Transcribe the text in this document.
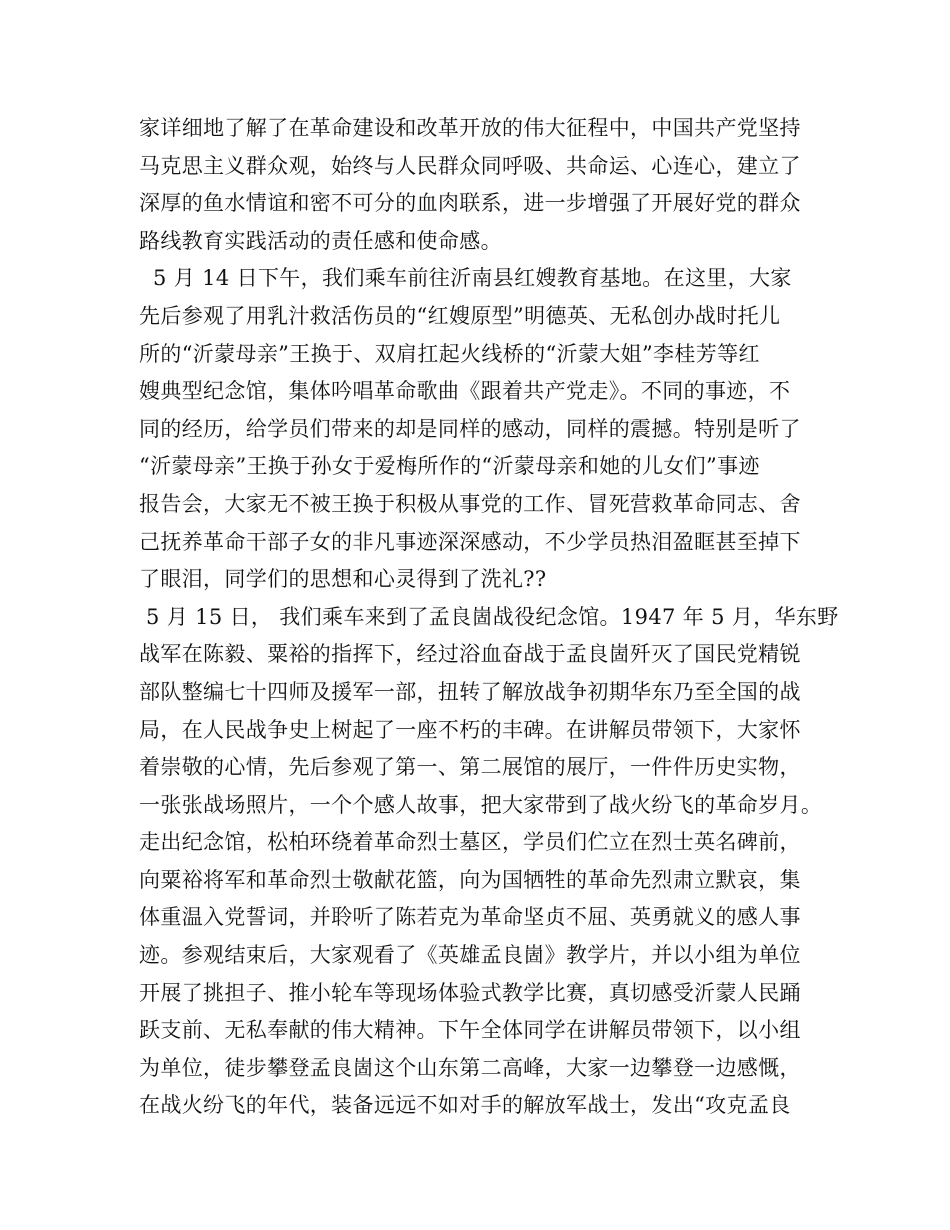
家详细地了解了在革命建设和改革开放的伟大征程中，中国共产党坚持
马克思主义群众观，始终与人民群众同呼吸、共命运、心连心，建立了
深厚的鱼水情谊和密不可分的血肉联系，进一步增强了开展好党的群众
路线教育实践活动的责任感和使命感。
5 月 14 日下午，我们乘车前往沂南县红嫂教育基地。在这里，大家
先后参观了用乳汁救活伤员的“红嫂原型”明德英、无私创办战时托儿
所的“沂蒙母亲”王换于、双肩扛起火线桥的“沂蒙大姐”李桂芳等红
嫂典型纪念馆，集体吟唱革命歌曲《跟着共产党走》。不同的事迹，不
同的经历，给学员们带来的却是同样的感动，同样的震撼。特别是听了
“沂蒙母亲”王换于孙女于爱梅所作的“沂蒙母亲和她的儿女们”事迹
报告会，大家无不被王换于积极从事党的工作、冒死营救革命同志、舍
己抚养革命干部子女的非凡事迹深深感动，不少学员热泪盈眶甚至掉下
了眼泪，同学们的思想和心灵得到了洗礼??
5 月 15 日， 我们乘车来到了孟良崮战役纪念馆。1947 年 5 月，华东野
战军在陈毅、粟裕的指挥下，经过浴血奋战于孟良崮歼灭了国民党精锐
部队整编七十四师及援军一部，扭转了解放战争初期华东乃至全国的战
局，在人民战争史上树起了一座不朽的丰碑。在讲解员带领下，大家怀
着崇敬的心情，先后参观了第一、第二展馆的展厅，一件件历史实物，
一张张战场照片，一个个感人故事，把大家带到了战火纷飞的革命岁月。
走出纪念馆，松柏环绕着革命烈士墓区，学员们伫立在烈士英名碑前，
向粟裕将军和革命烈士敬献花篮，向为国牺牲的革命先烈肃立默哀，集
体重温入党誓词，并聆听了陈若克为革命坚贞不屈、英勇就义的感人事
迹。参观结束后，大家观看了《英雄孟良崮》教学片，并以小组为单位
开展了挑担子、推小轮车等现场体验式教学比赛，真切感受沂蒙人民踊
跃支前、无私奉献的伟大精神。下午全体同学在讲解员带领下，以小组
为单位，徒步攀登孟良崮这个山东第二高峰，大家一边攀登一边感慨，
在战火纷飞的年代，装备远远不如对手的解放军战士，发出“攻克孟良
